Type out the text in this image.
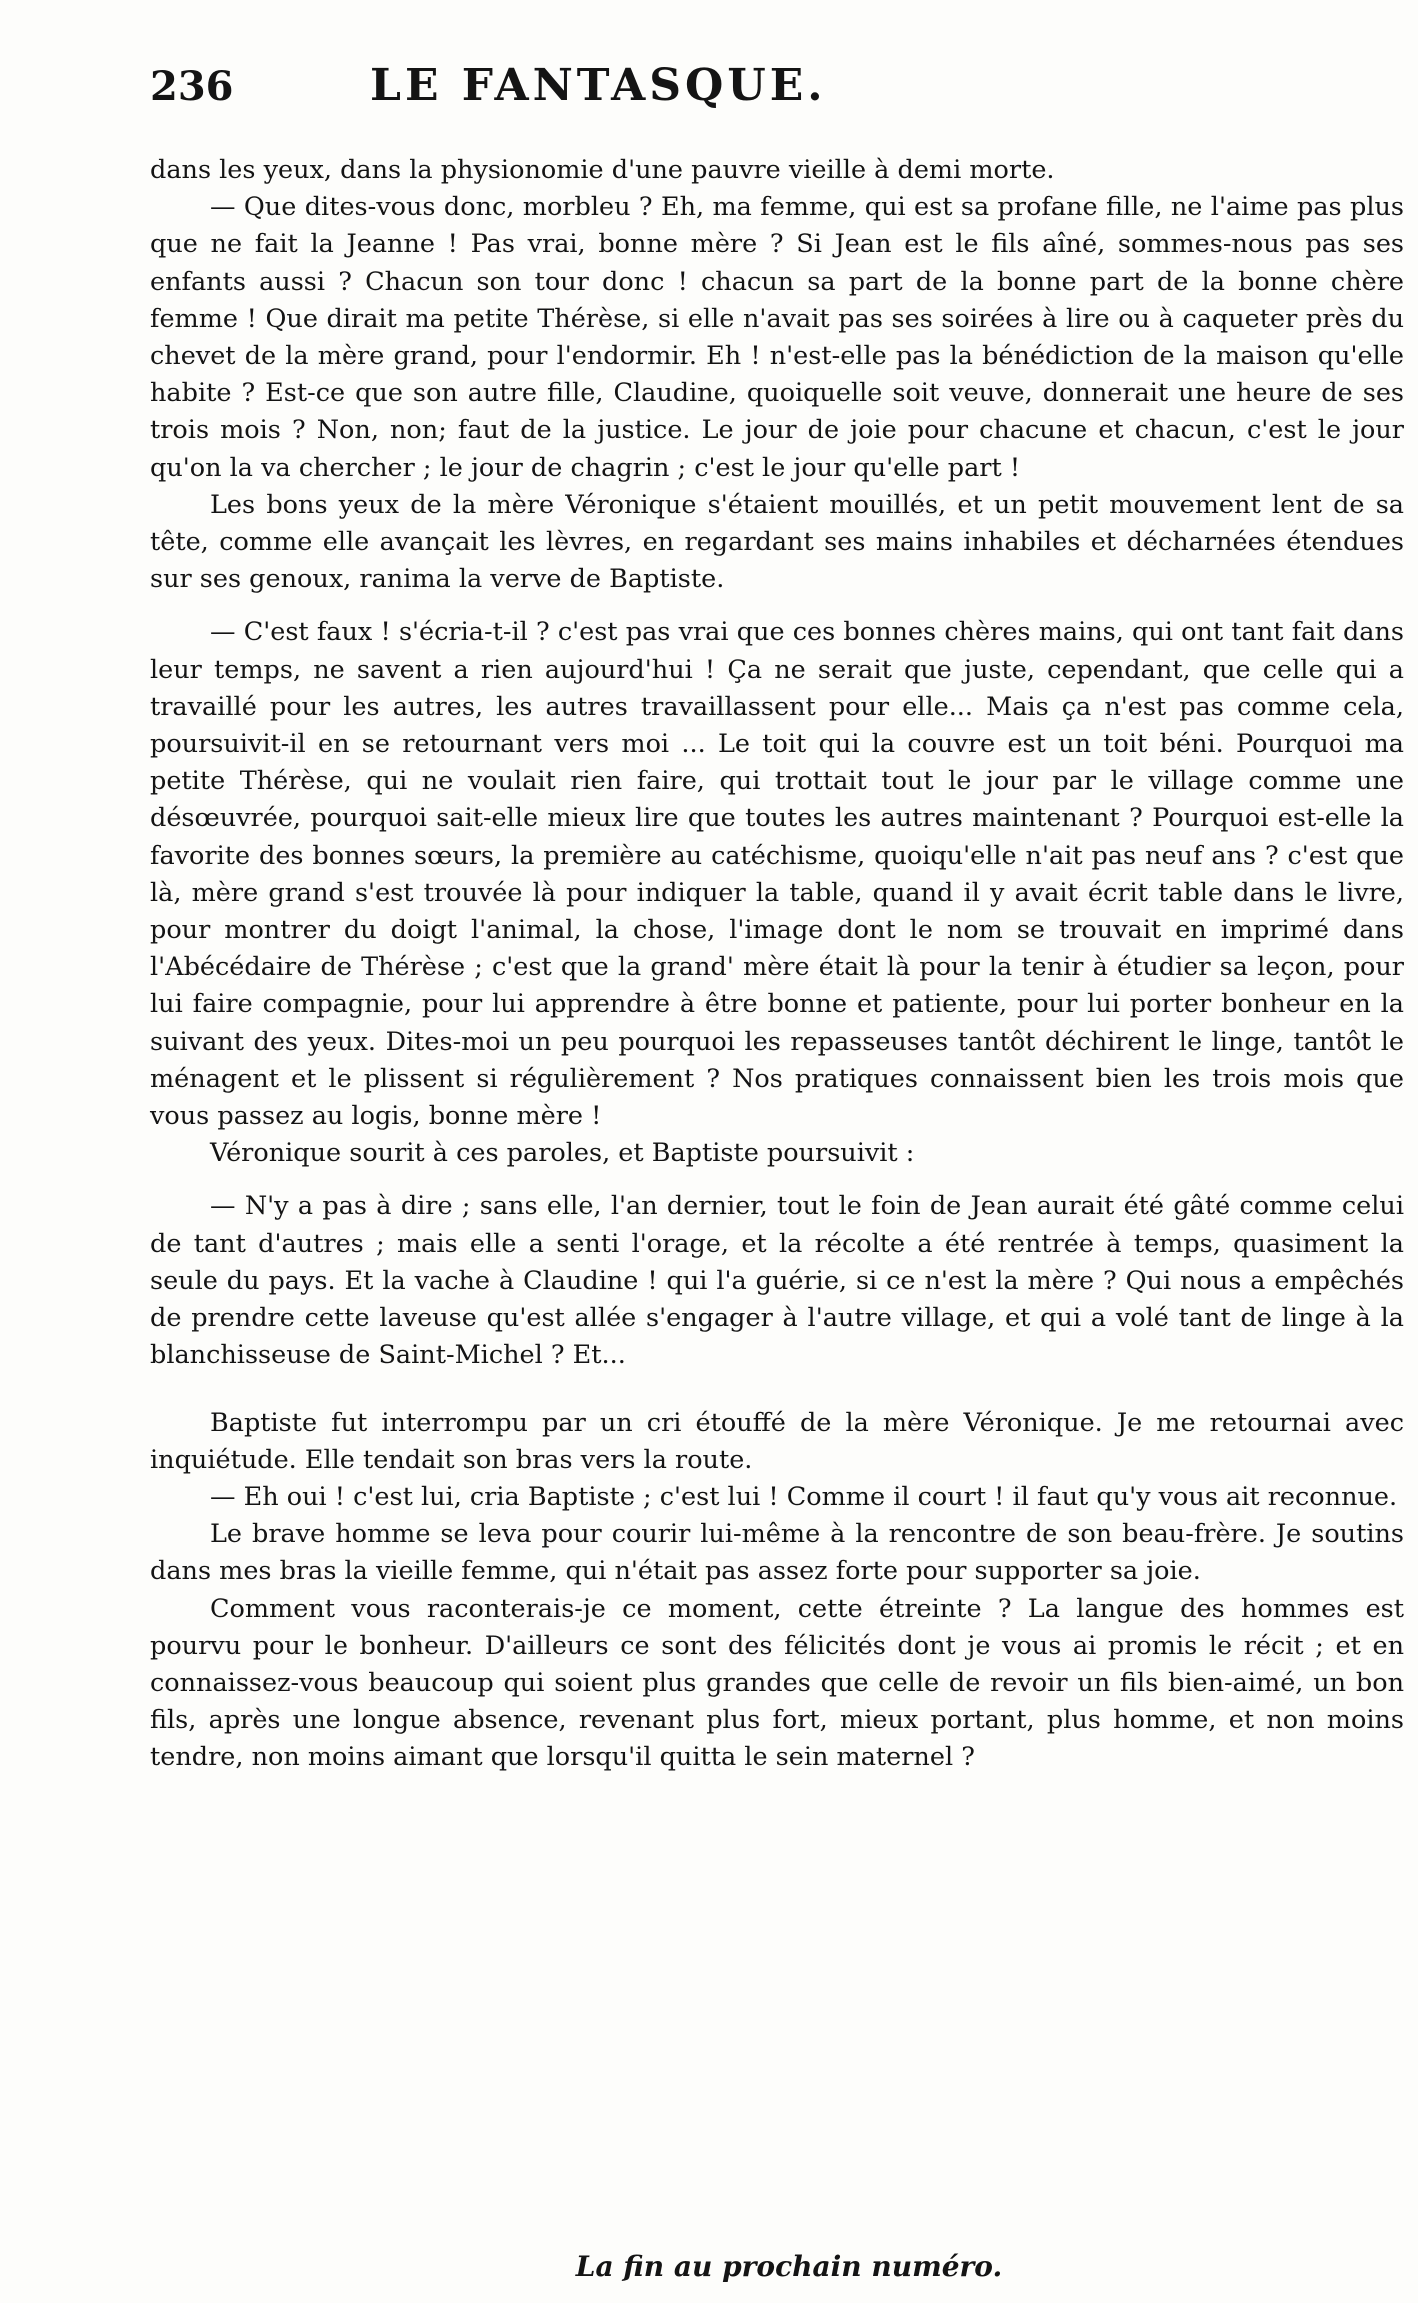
236	LE FANTASQUE.

dans les yeux, dans la physionomie d'une pauvre vieille à demi morte.

— Que dites-vous donc, morbleu ? Eh, ma femme, qui est sa profane fille, ne l'aime pas plus que ne fait la Jeanne ! Pas vrai, bonne mère ? Si Jean est le fils aîné, sommes-nous pas ses enfants aussi ? Chacun son tour donc ! chacun sa part de la bonne part de la bonne chère femme ! Que dirait ma petite Thérèse, si elle n'avait pas ses soirées à lire ou à caqueter près du chevet de la mère grand, pour l'endormir. Eh ! n'est-elle pas la bénédiction de la maison qu'elle habite ? Est-ce que son autre fille, Claudine, quoiquelle soit veuve, donnerait une heure de ses trois mois ? Non, non; faut de la justice. Le jour de joie pour chacune et chacun, c'est le jour qu'on la va chercher ; le jour de chagrin ; c'est le jour qu'elle part !

Les bons yeux de la mère Véronique s'étaient mouillés, et un petit mouvement lent de sa tête, comme elle avançait les lèvres, en regardant ses mains inhabiles et décharnées étendues sur ses genoux, ranima la verve de Baptiste.

— C'est faux ! s'écria-t-il ? c'est pas vrai que ces bonnes chères mains, qui ont tant fait dans leur temps, ne savent a rien aujourd'hui ! Ça ne serait que juste, cependant, que celle qui a travaillé pour les autres, les autres travaillassent pour elle... Mais ça n'est pas comme cela, poursuivit-il en se retournant vers moi ... Le toit qui la couvre est un toit béni. Pourquoi ma petite Thérèse, qui ne voulait rien faire, qui trottait tout le jour par le village comme une désœuvrée, pourquoi sait-elle mieux lire que toutes les autres maintenant ? Pourquoi est-elle la favorite des bonnes sœurs, la première au catéchisme, quoiqu'elle n'ait pas neuf ans ? c'est que là, mère grand s'est trouvée là pour indiquer la table, quand il y avait écrit table dans le livre, pour montrer du doigt l'animal, la chose, l'image dont le nom se trouvait en imprimé dans l'Abécédaire de Thérèse ; c'est que la grand' mère était là pour la tenir à étudier sa leçon, pour lui faire compagnie, pour lui apprendre à être bonne et patiente, pour lui porter bonheur en la suivant des yeux. Dites-moi un peu pourquoi les repasseuses tantôt déchirent le linge, tantôt le ménagent et le plissent si régulièrement ? Nos pratiques connaissent bien les trois mois que vous passez au logis, bonne mère !

Véronique sourit à ces paroles, et Baptiste poursuivit :

— N'y a pas à dire ; sans elle, l'an dernier, tout le foin de Jean aurait été gâté comme celui de tant d'autres ; mais elle a senti l'orage, et la récolte a été rentrée à temps, quasiment la seule du pays. Et la vache à Claudine ! qui l'a guérie, si ce n'est la mère ? Qui nous a empêchés de prendre cette laveuse qu'est allée s'engager à l'autre village, et qui a volé tant de linge à la blanchisseuse de Saint-Michel ? Et...

Baptiste fut interrompu par un cri étouffé de la mère Véronique. Je me retournai avec inquiétude. Elle tendait son bras vers la route.

— Eh oui ! c'est lui, cria Baptiste ; c'est lui ! Comme il court ! il faut qu'y vous ait reconnue.

Le brave homme se leva pour courir lui-même à la rencontre de son beau-frère. Je soutins dans mes bras la vieille femme, qui n'était pas assez forte pour supporter sa joie.

Comment vous raconterais-je ce moment, cette étreinte ? La langue des hommes est pourvu pour le bonheur. D'ailleurs ce sont des félicités dont je vous ai promis le récit ; et en connaissez-vous beaucoup qui soient plus grandes que celle de revoir un fils bien-aimé, un bon fils, après une longue absence, revenant plus fort, mieux portant, plus homme, et non moins tendre, non moins aimant que lorsqu'il quitta le sein maternel ?

La fin au prochain numéro.
